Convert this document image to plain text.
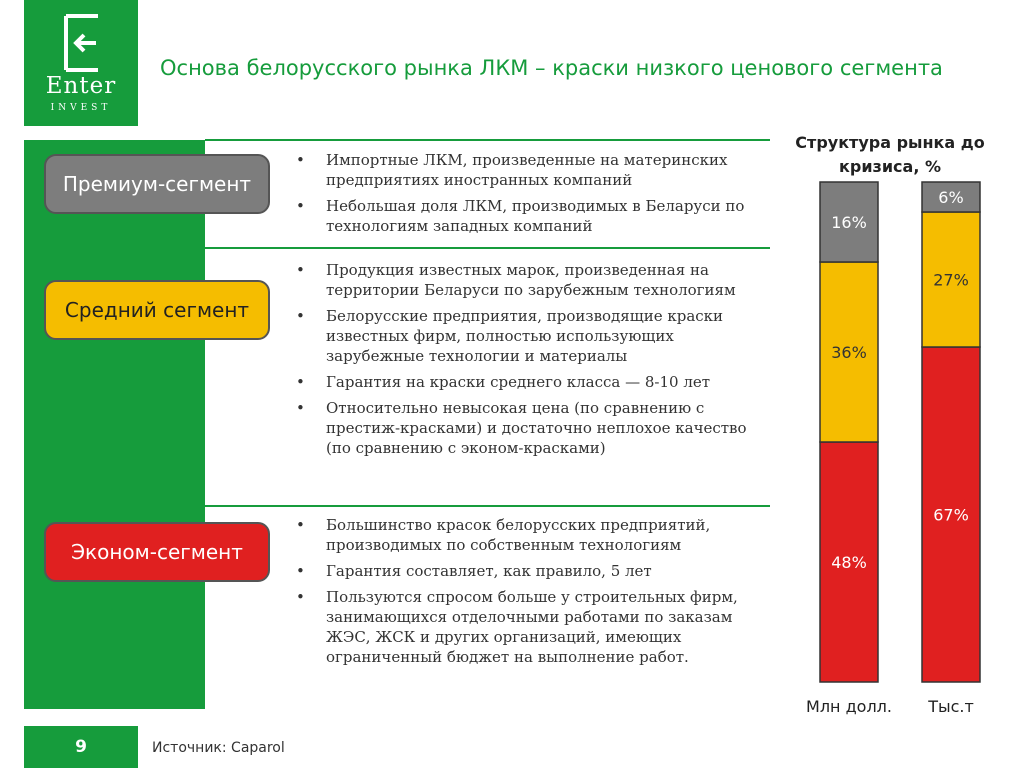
Enter
INVEST
Основа белорусского рынка ЛКМ – краски низкого ценового сегмента
Премиум-сегмент
Средний сегмент
Эконом-сегмент
• Импортные ЛКМ, произведенные на материнских предприятиях иностранных компаний
• Небольшая доля ЛКМ, производимых в Беларуси по технологиям западных компаний
• Продукция известных марок, произведенная на территории Беларуси по зарубежным технологиям
• Белорусские предприятия, производящие краски известных фирм, полностью использующих зарубежные технологии и материалы
• Гарантия на краски среднего класса — 8-10 лет
• Относительно невысокая цена (по сравнению с престиж-красками) и достаточно неплохое качество (по сравнению с эконом-красками)
• Большинство красок белорусских предприятий, производимых по собственным технологиям
• Гарантия составляет, как правило, 5 лет
• Пользуются спросом больше у строительных фирм, занимающихся отделочными работами по заказам ЖЭС, ЖСК и других организаций, имеющих ограниченный бюджет на выполнение работ.
Структура рынка до кризиса, %
48%
36%
16%
67%
27%
6%
Млн долл. Тыс.т
9	Источник: Caparol
